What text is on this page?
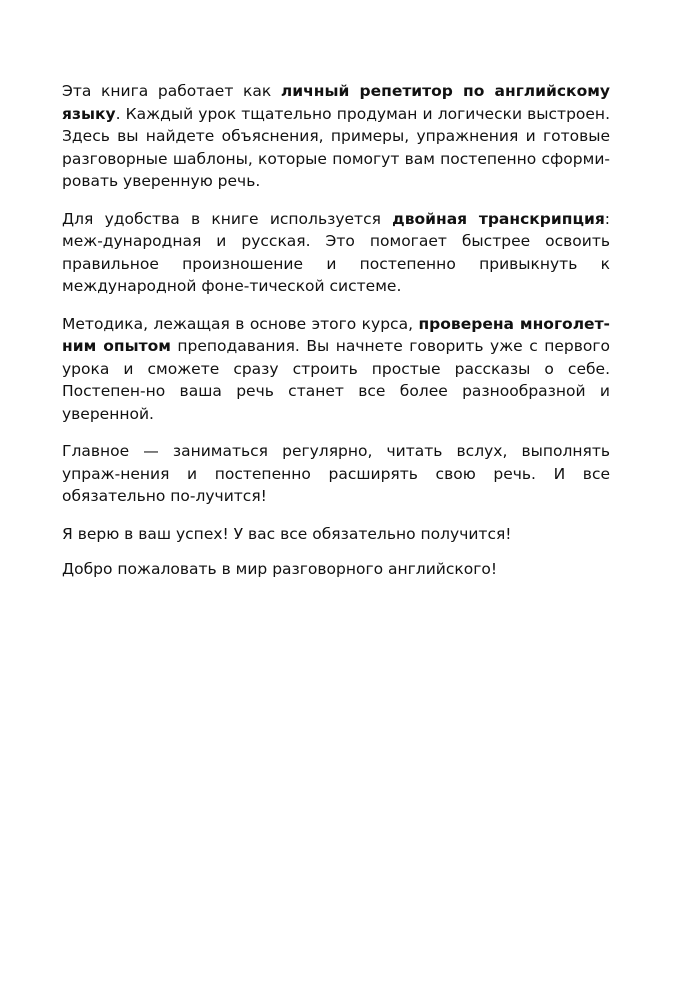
Эта книга работает как личный репетитор по английскому языку. Каждый урок тщательно продуман и логически выстроен. Здесь вы найдете объяснения, примеры, упражнения и готовые разговорные шаблоны, которые помогут вам постепенно сформи-ровать уверенную речь.

Для удобства в книге используется двойная транскрипция: меж-дународная и русская. Это помогает быстрее освоить правильное произношение и постепенно привыкнуть к международной фоне-тической системе.

Методика, лежащая в основе этого курса, проверена многолет-ним опытом преподавания. Вы начнете говорить уже с первого урока и сможете сразу строить простые рассказы о себе. Постепен-но ваша речь станет все более разнообразной и уверенной.

Главное — заниматься регулярно, читать вслух, выполнять упраж-нения и постепенно расширять свою речь. И все обязательно по-лучится!

Я верю в ваш успех! У вас все обязательно получится!

Добро пожаловать в мир разговорного английского!
